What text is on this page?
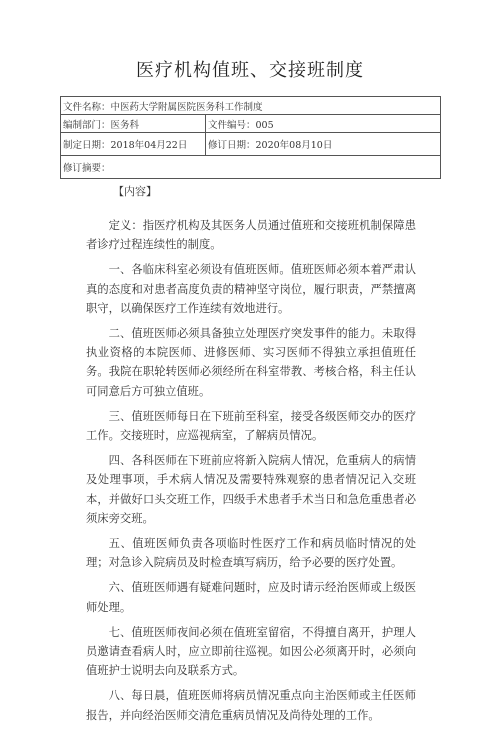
医疗机构值班、交接班制度
文件名称：中医药大学附属医院医务科工作制度	
编制部门：医务科	文件编号：005
制定日期：2018年04月22日	修订日期：2020年08月10日
修订摘要：	
【内容】

定义：指医疗机构及其医务人员通过值班和交接班机制保障患者诊疗过程连续性的制度。

一、各临床科室必须设有值班医师。值班医师必须本着严肃认真的态度和对患者高度负责的精神坚守岗位，履行职责，严禁擅离职守，以确保医疗工作连续有效地进行。

二、值班医师必须具备独立处理医疗突发事件的能力。未取得执业资格的本院医师、进修医师、实习医师不得独立承担值班任务。我院在职轮转医师必须经所在科室带教、考核合格，科主任认可同意后方可独立值班。

三、值班医师每日在下班前至科室，接受各级医师交办的医疗工作。交接班时，应巡视病室，了解病员情况。

四、各科医师在下班前应将新入院病人情况，危重病人的病情及处理事项，手术病人情况及需要特殊观察的患者情况记入交班本，并做好口头交班工作，四级手术患者手术当日和急危重患者必须床旁交班。

五、值班医师负责各项临时性医疗工作和病员临时情况的处理；对急诊入院病员及时检查填写病历，给予必要的医疗处置。

六、值班医师遇有疑难问题时，应及时请示经治医师或上级医师处理。

七、值班医师夜间必须在值班室留宿，不得擅自离开，护理人员邀请查看病人时，应立即前往巡视。如因公必须离开时，必须向值班护士说明去向及联系方式。

八、每日晨，值班医师将病员情况重点向主治医师或主任医师报告，并向经治医师交清危重病员情况及尚待处理的工作。
